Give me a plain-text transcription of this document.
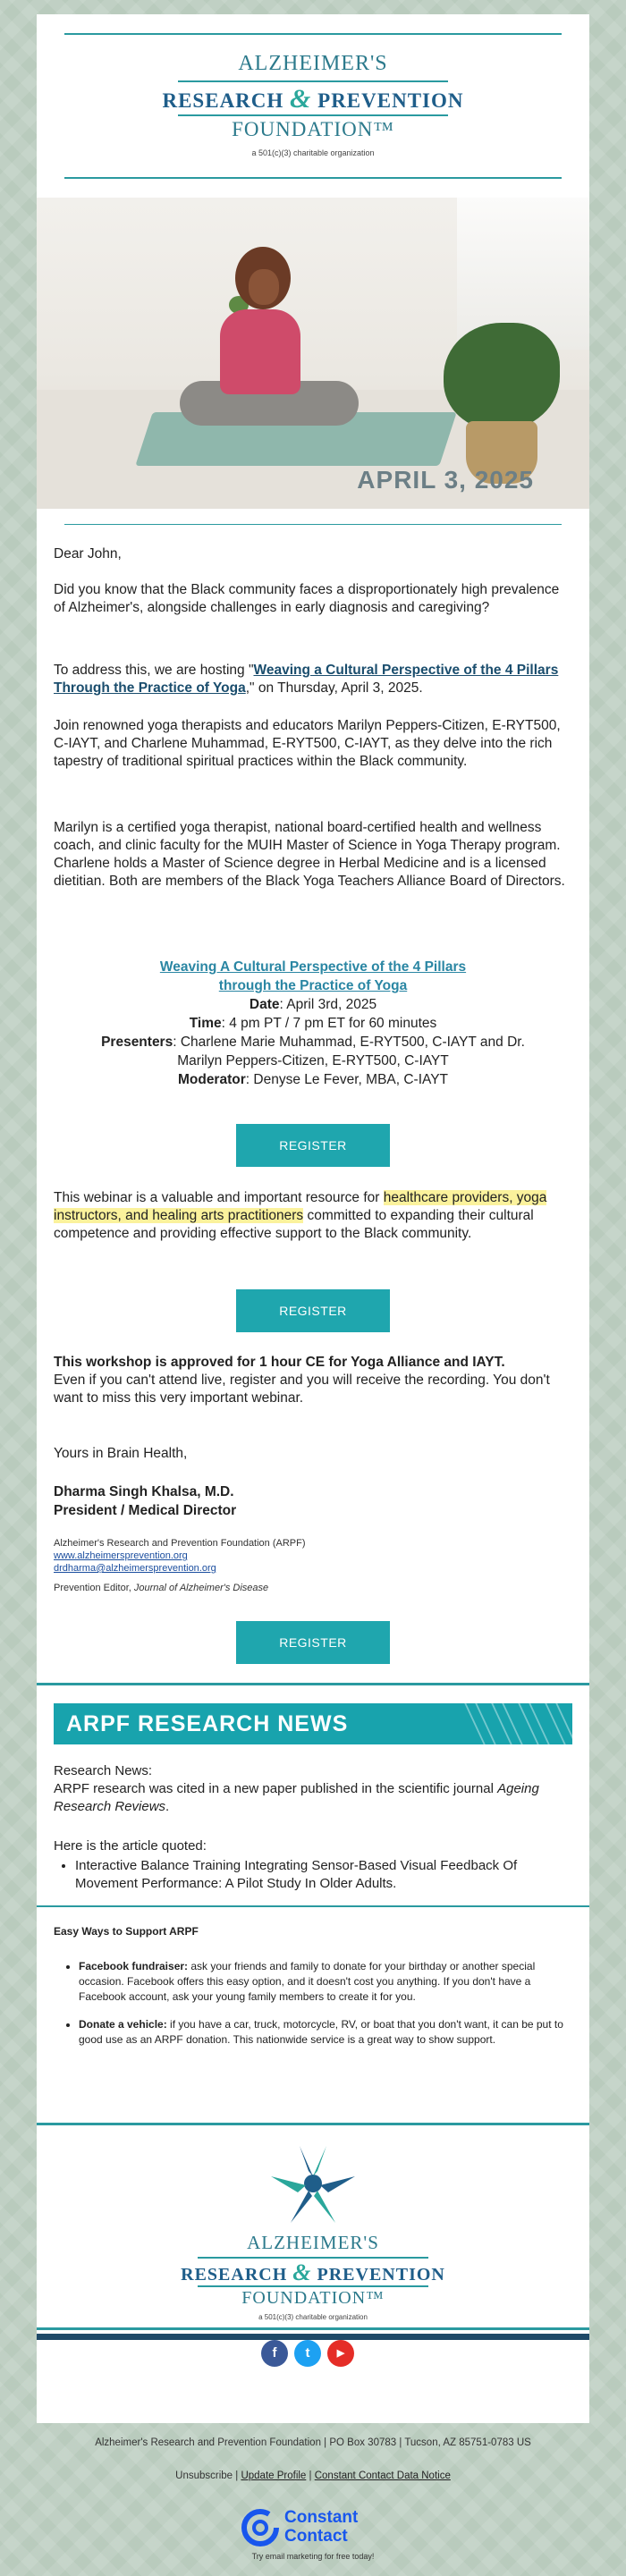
ALZHEIMER'S
RESEARCH & PREVENTION
FOUNDATION™
a 501(c)(3) charitable organization
APRIL 3, 2025
Dear John,
Did you know that the Black community faces a disproportionately high prevalence of Alzheimer's, alongside challenges in early diagnosis and caregiving?
To address this, we are hosting "Weaving a Cultural Perspective of the 4 Pillars Through the Practice of Yoga," on Thursday, April 3, 2025.
Join renowned yoga therapists and educators Marilyn Peppers-Citizen, E-RYT500, C-IAYT, and Charlene Muhammad, E-RYT500, C-IAYT, as they delve into the rich tapestry of traditional spiritual practices within the Black community.
Marilyn is a certified yoga therapist, national board-certified health and wellness coach, and clinic faculty for the MUIH Master of Science in Yoga Therapy program. Charlene holds a Master of Science degree in Herbal Medicine and is a licensed dietitian. Both are members of the Black Yoga Teachers Alliance Board of Directors.
Weaving A Cultural Perspective of the 4 Pillars
through the Practice of Yoga
Date: April 3rd, 2025
Time: 4 pm PT / 7 pm ET for 60 minutes
Presenters: Charlene Marie Muhammad, E-RYT500, C-IAYT and Dr.
Marilyn Peppers-Citizen, E-RYT500, C-IAYT
Moderator: Denyse Le Fever, MBA, C-IAYT
REGISTER
This webinar is a valuable and important resource for healthcare providers, yoga instructors, and healing arts practitioners committed to expanding their cultural competence and providing effective support to the Black community.
REGISTER
This workshop is approved for 1 hour CE for Yoga Alliance and IAYT.
Even if you can't attend live, register and you will receive the recording. You don't want to miss this very important webinar.
Yours in Brain Health,
Dharma Singh Khalsa, M.D.
President / Medical Director
Alzheimer's Research and Prevention Foundation (ARPF)
www.alzheimersprevention.org
drdharma@alzheimersprevention.org
Prevention Editor, Journal of Alzheimer's Disease
REGISTER
ARPF RESEARCH NEWS
Research News:
ARPF research was cited in a new paper published in the scientific journal Ageing Research Reviews.
Here is the article quoted:
• Interactive Balance Training Integrating Sensor-Based Visual Feedback Of Movement Performance: A Pilot Study In Older Adults.
Easy Ways to Support ARPF
• Facebook fundraiser: ask your friends and family to donate for your birthday or another special occasion. Facebook offers this easy option, and it doesn't cost you anything. If you don't have a Facebook account, ask your young family members to create it for you.
• Donate a vehicle: if you have a car, truck, motorcycle, RV, or boat that you don't want, it can be put to good use as an ARPF donation. This nationwide service is a great way to show support.
ALZHEIMER'S
RESEARCH & PREVENTION
FOUNDATION™
a 501(c)(3) charitable organization
f	t	▶
Alzheimer's Research and Prevention Foundation | PO Box 30783 | Tucson, AZ 85751-0783 US
Unsubscribe | Update Profile | Constant Contact Data Notice
Constant
Contact
Try email marketing for free today!
